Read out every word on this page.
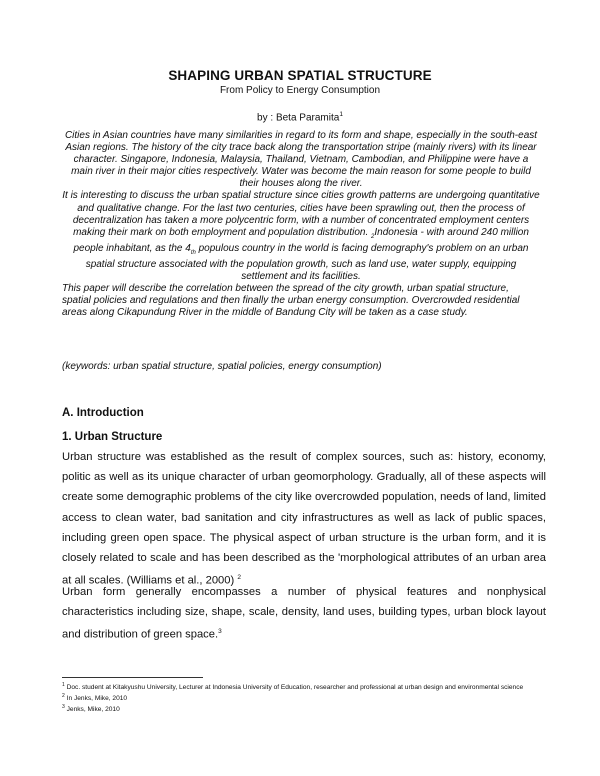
SHAPING URBAN SPATIAL STRUCTURE
From Policy to Energy Consumption
by : Beta Paramita$^1$
Cities in Asian countries have many similarities in regard to its form and shape, especially in the south-east Asian regions. The history of the city trace back along the transportation stripe (mainly rivers) with its linear character. Singapore, Indonesia, Malaysia, Thailand, Vietnam, Cambodian, and Philippine were have a main river in their major cities respectively. Water was become the main reason for some people to build their houses along the river.
It is interesting to discuss the urban spatial structure since cities growth patterns are undergoing quantitative and qualitative change. For the last two centuries, cities have been sprawling out, then the process of decentralization has taken a more polycentric form, with a number of concentrated employment centers making their mark on both employment and population distribution. $_2$Indonesia - with around 240 million people inhabitant, as the $4_{th}$ populous country in the world is facing demography's problem on an urban spatial structure associated with the population growth, such as land use, water supply, equipping settlement and its facilities.
This paper will describe the correlation between the spread of the city growth, urban spatial structure, spatial policies and regulations and then finally the urban energy consumption. Overcrowded residential areas along Cikapundung River in the middle of Bandung City will be taken as a case study.
(keywords: urban spatial structure, spatial policies, energy consumption)
A. Introduction
1. Urban Structure
Urban structure was established as the result of complex sources, such as: history, economy, politic as well as its unique character of urban geomorphology. Gradually, all of these aspects will create some demographic problems of the city like overcrowded population, needs of land, limited access to clean water, bad sanitation and city infrastructures as well as lack of public spaces, including green open space. The physical aspect of urban structure is the urban form, and it is closely related to scale and has been described as the 'morphological attributes of an urban area at all scales. (Williams et al., 2000) $^2$
Urban form generally encompasses a number of physical features and nonphysical characteristics including size, shape, scale, density, land uses, building types, urban block layout and distribution of green space.$^3$
$^1$ Doc. student at Kitakyushu University, Lecturer at Indonesia University of Education, researcher and professional at urban design and environmental science
$^2$ In Jenks, Mike, 2010
$^3$ Jenks, Mike, 2010
